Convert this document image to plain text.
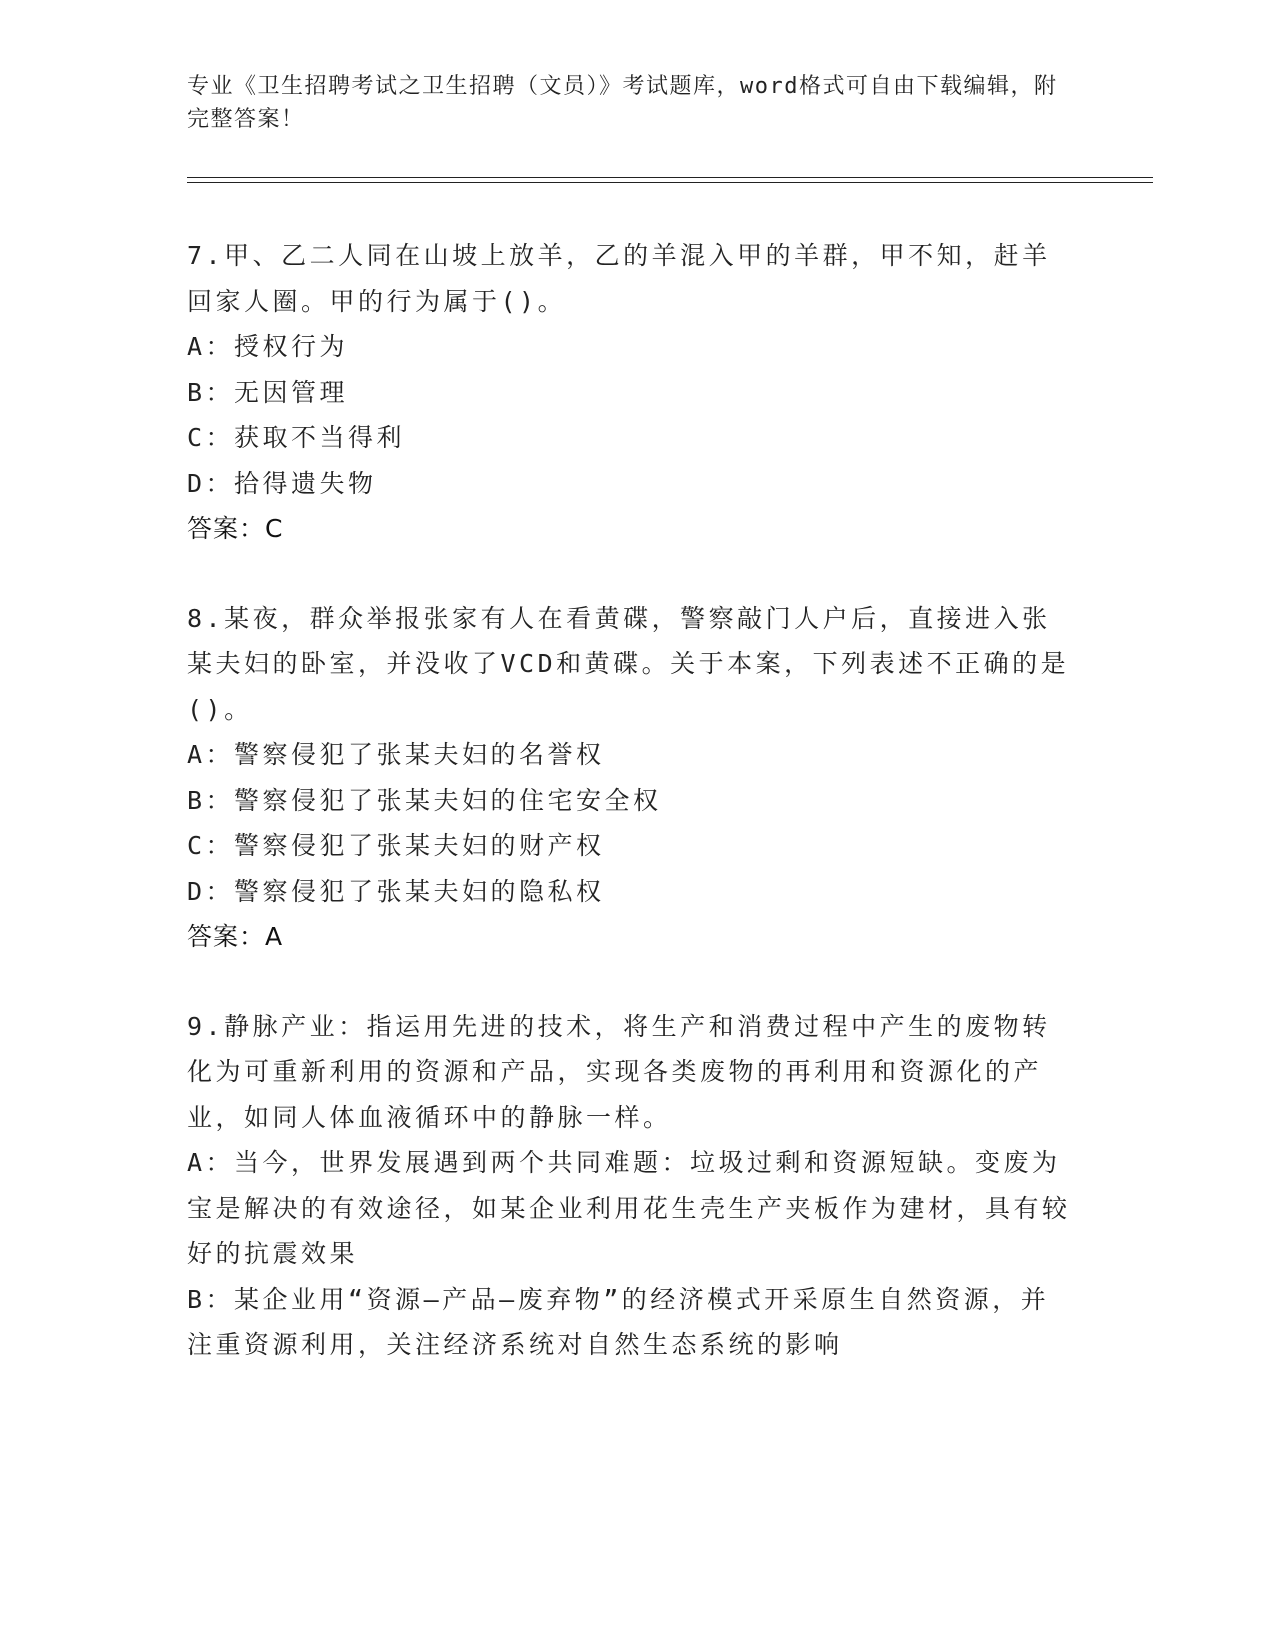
专业《卫生招聘考试之卫生招聘（文员）》考试题库，word格式可自由下载编辑，附完整答案！
7.甲、乙二人同在山坡上放羊，乙的羊混入甲的羊群，甲不知，赶羊回家人圈。甲的行为属于()。
A：授权行为
B：无因管理
C：获取不当得利
D：拾得遗失物
答案：C
8.某夜，群众举报张家有人在看黄碟，警察敲门人户后，直接进入张某夫妇的卧室，并没收了VCD和黄碟。关于本案，下列表述不正确的是()。
A：警察侵犯了张某夫妇的名誉权
B：警察侵犯了张某夫妇的住宅安全权
C：警察侵犯了张某夫妇的财产权
D：警察侵犯了张某夫妇的隐私权
答案：A
9.静脉产业：指运用先进的技术，将生产和消费过程中产生的废物转化为可重新利用的资源和产品，实现各类废物的再利用和资源化的产业，如同人体血液循环中的静脉一样。
A：当今，世界发展遇到两个共同难题：垃圾过剩和资源短缺。变废为宝是解决的有效途径，如某企业利用花生壳生产夹板作为建材，具有较好的抗震效果
B：某企业用“资源—产品—废弃物”的经济模式开采原生自然资源，并注重资源利用，关注经济系统对自然生态系统的影响
